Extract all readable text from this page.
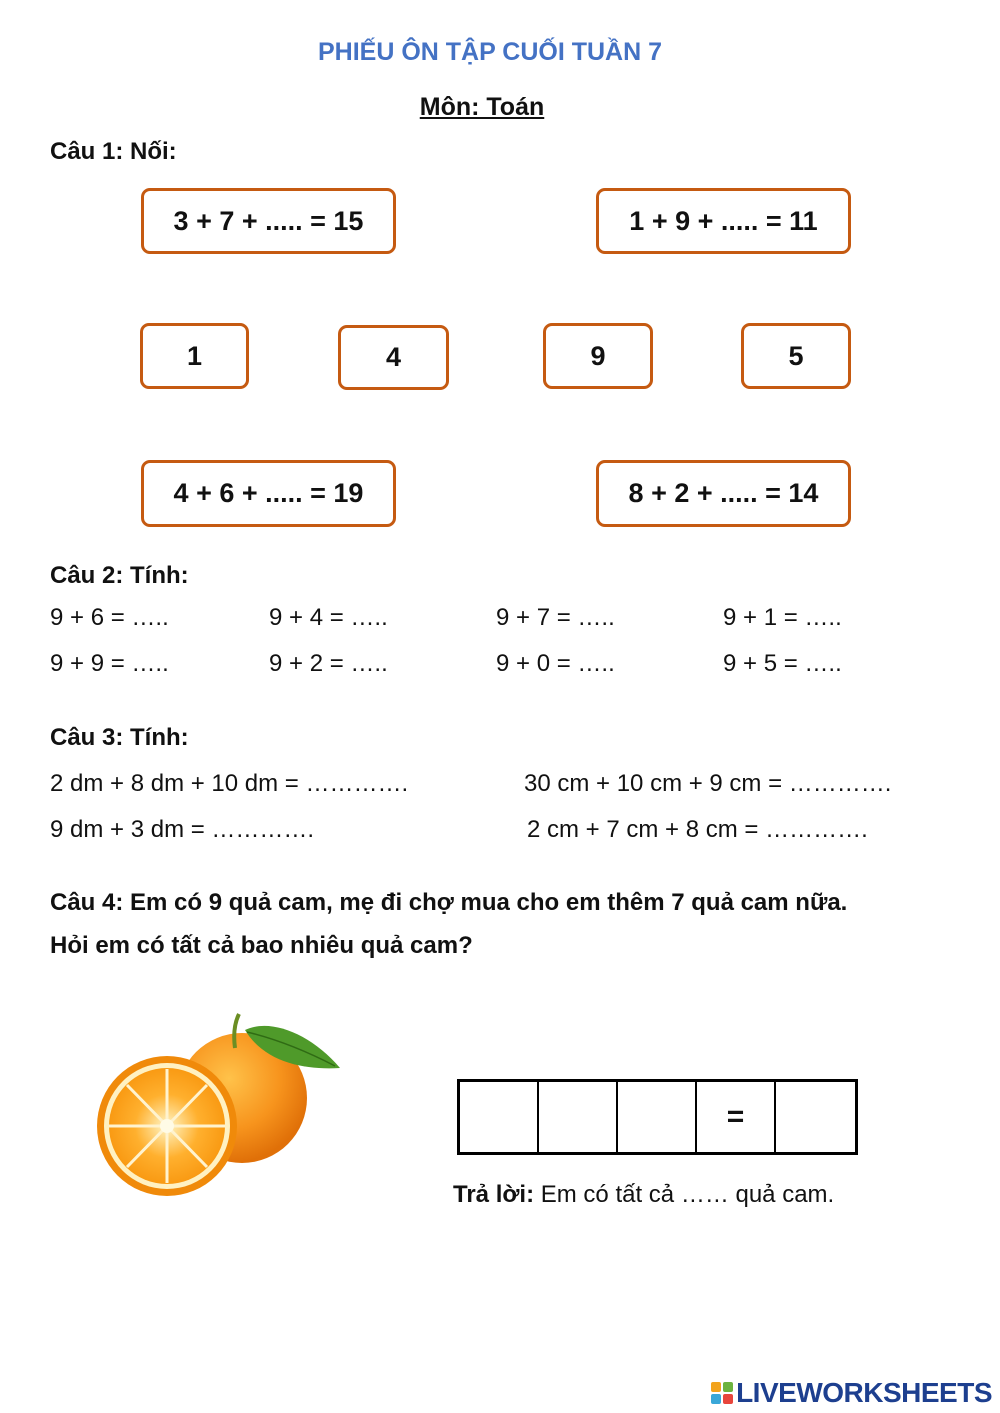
PHIẾU ÔN TẬP CUỐI TUẦN 7
Môn: Toán
Câu 1: Nối:
3 + 7 + ..... = 15	1 + 9 + ..... = 11
1	4	9	5
4 + 6 + ..... = 19	8 + 2 + ..... = 14
Câu 2: Tính:
9 + 6 = …..	9 + 4 = …..	9 + 7 = …..	9 + 1 = …..
9 + 9 = …..	9 + 2 = …..	9 + 0 = …..	9 + 5 = …..
Câu 3: Tính:
2 dm + 8 dm + 10 dm = ………….	30 cm + 10 cm + 9 cm = ………….
9 dm + 3 dm = ………….	2 cm + 7 cm + 8 cm = ………….
Câu 4: Em có 9 quả cam, mẹ đi chợ mua cho em thêm 7 quả cam nữa.
Hỏi em có tất cả bao nhiêu quả cam?
=
Trả lời: Em có tất cả …… quả cam.
LIVEWORKSHEETS
